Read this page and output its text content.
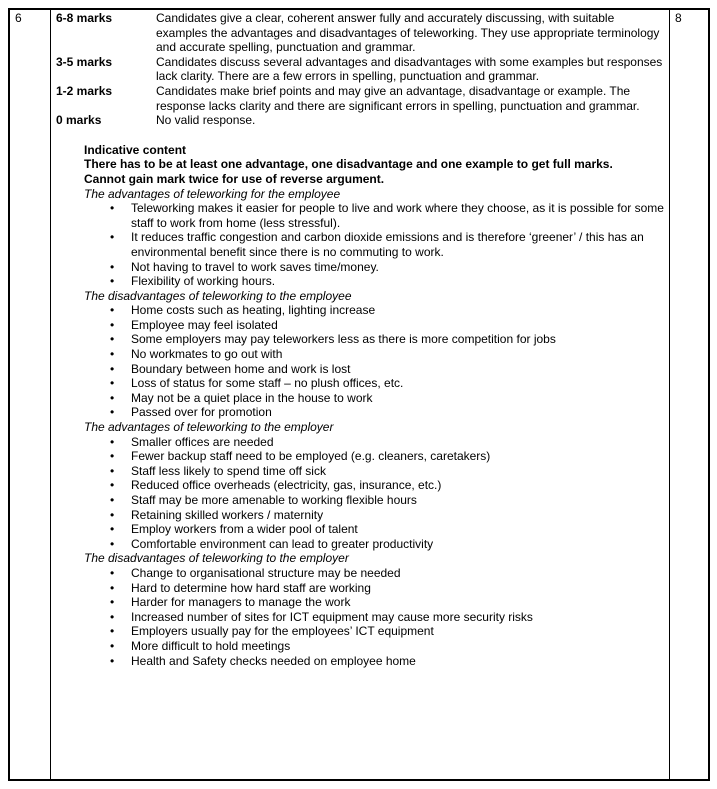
6	6-8 marks	Candidates give a clear, coherent answer fully and accurately discussing, with suitable examples the advantages and disadvantages of teleworking. They use appropriate terminology and accurate spelling, punctuation and grammar.
3-5 marks	Candidates discuss several advantages and disadvantages with some examples but responses lack clarity. There are a few errors in spelling, punctuation and grammar.
1-2 marks	Candidates make brief points and may give an advantage, disadvantage or example. The response lacks clarity and there are significant errors in spelling, punctuation and grammar.
0 marks	No valid response.

Indicative content

There has to be at least one advantage, one disadvantage and one example to get full marks.

Cannot gain mark twice for use of reverse argument.

The advantages of teleworking for the employee

• Teleworking makes it easier for people to live and work where they choose, as it is possible for some staff to work from home (less stressful).
• It reduces traffic congestion and carbon dioxide emissions and is therefore ‘greener’ / this has an environmental benefit since there is no commuting to work.
• Not having to travel to work saves time/money.
• Flexibility of working hours.

The disadvantages of teleworking to the employee

• Home costs such as heating, lighting increase
• Employee may feel isolated
• Some employers may pay teleworkers less as there is more competition for jobs
• No workmates to go out with
• Boundary between home and work is lost
• Loss of status for some staff – no plush offices, etc.
• May not be a quiet place in the house to work
• Passed over for promotion

The advantages of teleworking to the employer

• Smaller offices are needed
• Fewer backup staff need to be employed (e.g. cleaners, caretakers)
• Staff less likely to spend time off sick
• Reduced office overheads (electricity, gas, insurance, etc.)
• Staff may be more amenable to working flexible hours
• Retaining skilled workers / maternity
• Employ workers from a wider pool of talent
• Comfortable environment can lead to greater productivity

The disadvantages of teleworking to the employer

• Change to organisational structure may be needed
• Hard to determine how hard staff are working
• Harder for managers to manage the work
• Increased number of sites for ICT equipment may cause more security risks
• Employers usually pay for the employees’ ICT equipment
• More difficult to hold meetings
• Health and Safety checks needed on employee home
	8
